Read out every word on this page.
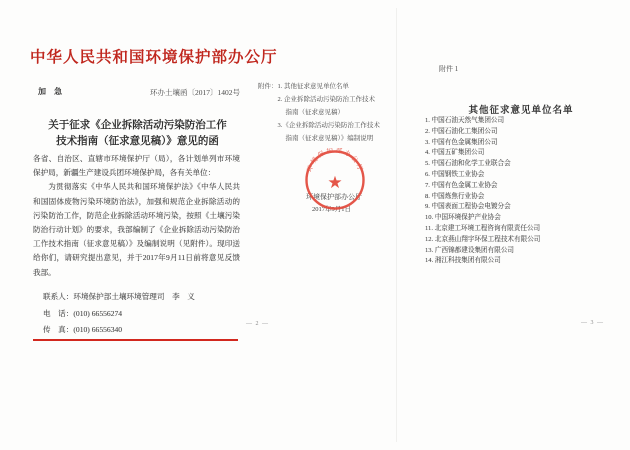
中华人民共和国环境保护部办公厅
加 急	环办土壤函〔2017〕1402号
关于征求《企业拆除活动污染防治工作
技术指南（征求意见稿）》意见的函
各省、自治区、直辖市环境保护厅（局），各计划单列市环境保护局，新疆生产建设兵团环境保护局，各有关单位：
为贯彻落实《中华人民共和国环境保护法》《中华人民共和国固体废物污染环境防治法》，加强和规范企业拆除活动的污染防治工作，防范企业拆除活动环境污染，按照《土壤污染防治行动计划》的要求，我部编制了《企业拆除活动污染防治工作技术指南（征求意见稿）》及编制说明（见附件）。现印送给你们，请研究提出意见，并于2017年9月11日前将意见反馈我部。
联系人：环境保护部土壤环境管理司　李　义
电　话：(010) 66556274
传　真：(010) 66556340
附件： 1. 其他征求意见单位名单
2. 企业拆除活动污染防治工作技术指南（征求意见稿）
3.《企业拆除活动污染防治工作技术指南（征求意见稿）》编制说明
环境保护部办公厅
2017年9月1日
★
环境保护部办公厅
— 2 —
附件 1
其他征求意见单位名单
1. 中国石油天然气集团公司
2. 中国石油化工集团公司
3. 中国有色金属集团公司
4. 中国五矿集团公司
5. 中国石油和化学工业联合会
6. 中国钢铁工业协会
7. 中国有色金属工业协会
8. 中国炼焦行业协会
9. 中国表面工程协会电镀分会
10. 中国环境保护产业协会
11. 北京建工环境工程咨询有限责任公司
12. 北京燕山翔宇环保工程技术有限公司
13. 广西锦都建设集团有限公司
14. 湘江科技集团有限公司
— 3 —
